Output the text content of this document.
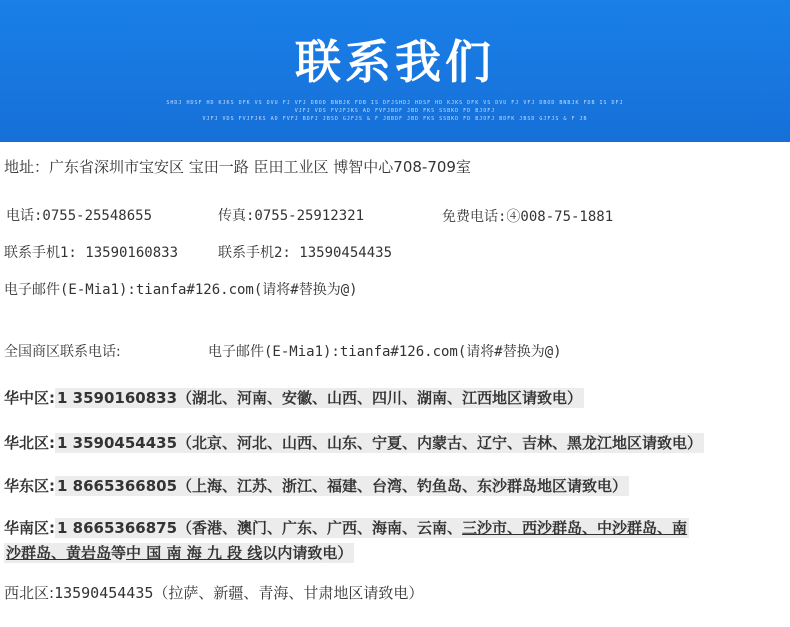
联系我们
SHDJ HDSF HD KJKS DFK VS DVU FJ VFJ DBOD BNBJK FDB IS DFJSHDJ HDSF HD KJKS DFK VS DVU FJ VFJ DBOD BNBJK FDB IS DFJ
VJFJ VDS FVJFJKS AD FVFJBDF JBD FKS SSBKD FD BJOFJ
VJFJ VDS FVJFJKS AD FVFJ BDFJ JBSD GJFJS & F JBBDF JBD FKS SSBKD FD BJOFJ BDFK JBSD GJFJS & F JB
地址：广东省深圳市宝安区 宝田一路 臣田工业区 博智中心708-709室
电话:0755-25548655	传真:0755-25912321	免费电话:④008-75-1881
联系手机1: 13590160833	联系手机2: 13590454435
电子邮件(E-Mia1):tianfa#126.com(请将#替换为@)
全国商区联系电话:	电子邮件(E-Mia1):tianfa#126.com(请将#替换为@)
华中区: 1 3590160833（湖北、河南、安徽、山西、四川、湖南、江西地区请致电）
华北区: 1 3590454435（北京、河北、山西、山东、宁夏、内蒙古、辽宁、吉林、黑龙江地区请致电）
华东区: 1 8665366805（上海、江苏、浙江、福建、台湾、钓鱼岛、东沙群岛地区请致电）
华南区: 1 8665366875（香港、澳门、广东、广西、海南、云南、三沙市、西沙群岛、中沙群岛、南
沙群岛、黄岩岛等中 国 南 海 九 段 线以内请致电）
西北区:13590454435（拉萨、新疆、青海、甘肃地区请致电）
